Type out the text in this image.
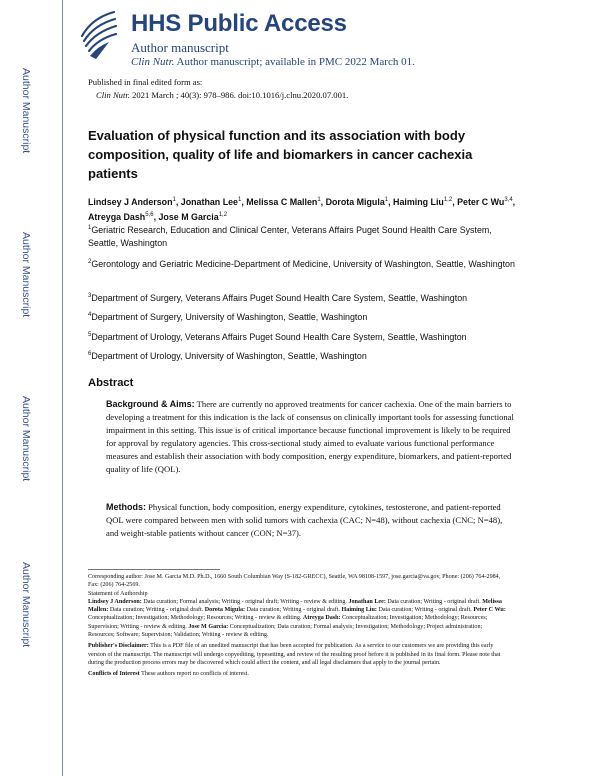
Author Manuscript
Author Manuscript
Author Manuscript
Author Manuscript
HHS Public Access
Author manuscript
Clin Nutr. Author manuscript; available in PMC 2022 March 01.
Published in final edited form as:
Clin Nutr. 2021 March ; 40(3): 978–986. doi:10.1016/j.clnu.2020.07.001.
Evaluation of physical function and its association with body composition, quality of life and biomarkers in cancer cachexia patients
Lindsey J Anderson$^1$, Jonathan Lee$^1$, Melissa C Mallen$^1$, Dorota Migula$^1$, Haiming Liu$^{1,2}$, Peter C Wu$^{3,4}$, Atreyga Dash$^{5,6}$, Jose M Garcia$^{1,2}$
$^1$Geriatric Research, Education and Clinical Center, Veterans Affairs Puget Sound Health Care System, Seattle, Washington
$^2$Gerontology and Geriatric Medicine-Department of Medicine, University of Washington, Seattle, Washington
$^3$Department of Surgery, Veterans Affairs Puget Sound Health Care System, Seattle, Washington
$^4$Department of Surgery, University of Washington, Seattle, Washington
$^5$Department of Urology, Veterans Affairs Puget Sound Health Care System, Seattle, Washington
$^6$Department of Urology, University of Washington, Seattle, Washington
Abstract
Background & Aims: There are currently no approved treatments for cancer cachexia. One of the main barriers to developing a treatment for this indication is the lack of consensus on clinically important tools for assessing functional impairment in this setting. This issue is of critical importance because functional improvement is likely to be required for approval by regulatory agencies. This cross-sectional study aimed to evaluate various functional performance measures and establish their association with body composition, energy expenditure, biomarkers, and patient-reported quality of life (QOL).
Methods: Physical function, body composition, energy expenditure, cytokines, testosterone, and patient-reported QOL were compared between men with solid tumors with cachexia (CAC; N=48), without cachexia (CNC; N=48), and weight-stable patients without cancer (CON; N=37).
Corresponding author: Jose M. Garcia M.D. Ph.D., 1660 South Columbian Way (S-182-GRECC), Seattle, WA 98108-1597, jose.garcia@va.gov, Phone: (206) 764-2984, Fax: (206) 764-2569.
Statement of Authorship
Lindsey J Anderson: Data curation; Formal analysis; Writing - original draft; Writing - review & editing. Jonathan Lee: Data curation; Writing - original draft. Melissa Mallen: Data curation; Writing - original draft. Dorota Migula: Data curation; Writing - original draft. Haiming Liu: Data curation; Writing - original draft. Peter C Wu: Conceptualization; Investigation; Methodology; Resources; Writing - review & editing. Atreyga Dash: Conceptualization; Investigation; Methodology; Resources; Supervision; Writing - review & editing. Jose M Garcia: Conceptualization; Data curation; Formal analysis; Investigation; Methodology; Project administration; Resources; Software; Supervision; Validation; Writing - review & editing.
Publisher's Disclaimer: This is a PDF file of an unedited manuscript that has been accepted for publication. As a service to our customers we are providing this early version of the manuscript. The manuscript will undergo copyediting, typesetting, and review of the resulting proof before it is published in its final form. Please note that during the production process errors may be discovered which could affect the content, and all legal disclaimers that apply to the journal pertain.
Conflicts of Interest These authors report no conflicts of interest.
